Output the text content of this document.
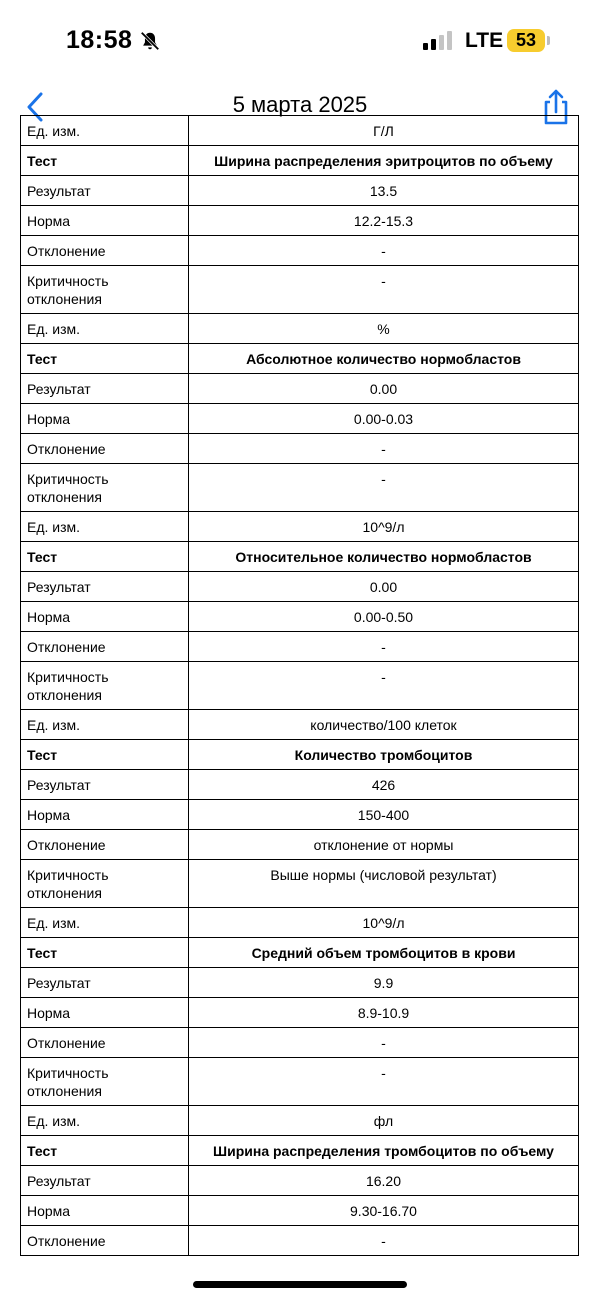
18:58	LTE 53
5 марта 2025
Ед. изм.	Г/Л
Тест	Ширина распределения эритроцитов по объему
Результат	13.5
Норма	12.2-15.3
Отклонение	-
Критичность отклонения	-
Ед. изм.	%
Тест	Абсолютное количество нормобластов
Результат	0.00
Норма	0.00-0.03
Отклонение	-
Критичность отклонения	-
Ед. изм.	10^9/л
Тест	Относительное количество нормобластов
Результат	0.00
Норма	0.00-0.50
Отклонение	-
Критичность отклонения	-
Ед. изм.	количество/100 клеток
Тест	Количество тромбоцитов
Результат	426
Норма	150-400
Отклонение	отклонение от нормы
Критичность отклонения	Выше нормы (числовой результат)
Ед. изм.	10^9/л
Тест	Средний объем тромбоцитов в крови
Результат	9.9
Норма	8.9-10.9
Отклонение	-
Критичность отклонения	-
Ед. изм.	фл
Тест	Ширина распределения тромбоцитов по объему
Результат	16.20
Норма	9.30-16.70
Отклонение	-
